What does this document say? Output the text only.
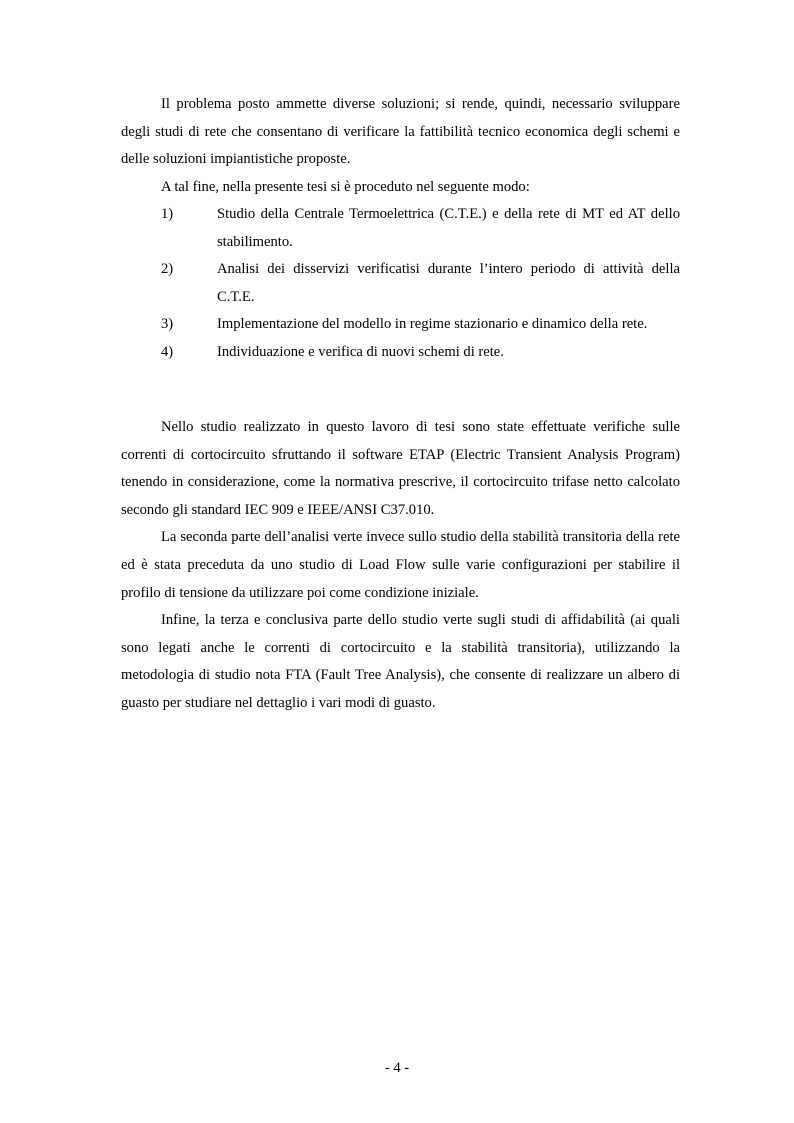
Il problema posto ammette diverse soluzioni; si rende, quindi, necessario sviluppare degli studi di rete che consentano di verificare la fattibilità tecnico economica degli schemi e delle soluzioni impiantistiche proposte.

A tal fine, nella presente tesi si è proceduto nel seguente modo:

1)	Studio della Centrale Termoelettrica (C.T.E.) e della rete di MT ed AT dello stabilimento.
2)	Analisi dei disservizi verificatisi durante l’intero periodo di attività della C.T.E.
3)	Implementazione del modello in regime stazionario e dinamico della rete.
4)	Individuazione e verifica di nuovi schemi di rete.

Nello studio realizzato in questo lavoro di tesi sono state effettuate verifiche sulle correnti di cortocircuito sfruttando il software ETAP (Electric Transient Analysis Program) tenendo in considerazione, come la normativa prescrive, il cortocircuito trifase netto calcolato secondo gli standard IEC 909 e IEEE/ANSI C37.010.

La seconda parte dell’analisi verte invece sullo studio della stabilità transitoria della rete ed è stata preceduta da uno studio di Load Flow sulle varie configurazioni per stabilire il profilo di tensione da utilizzare poi come condizione iniziale.

Infine, la terza e conclusiva parte dello studio verte sugli studi di affidabilità (ai quali sono legati anche le correnti di cortocircuito e la stabilità transitoria), utilizzando la metodologia di studio nota FTA (Fault Tree Analysis), che consente di realizzare un albero di guasto per studiare nel dettaglio i vari modi di guasto.

- 4 -
